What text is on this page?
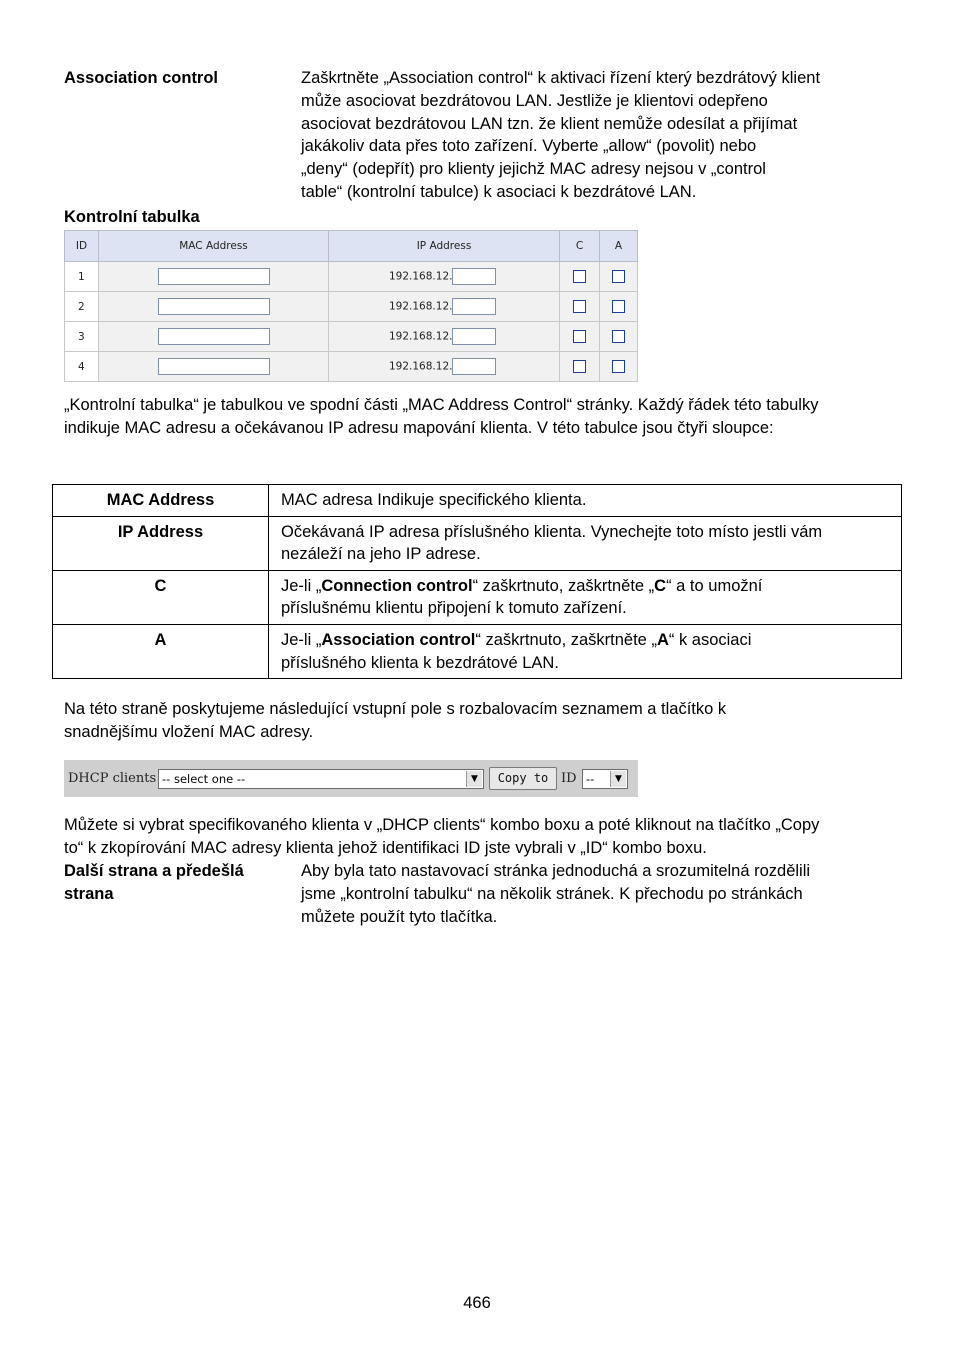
Association control	Zaškrtněte „Association control“ k aktivaci řízení který bezdrátový klient
může asociovat bezdrátovou LAN. Jestliže je klientovi odepřeno
asociovat bezdrátovou LAN tzn. že klient nemůže odesílat a přijímat
jakákoliv data přes toto zařízení. Vyberte „allow“ (povolit) nebo
„deny“ (odepřít) pro klienty jejichž MAC adresy nejsou v „control
table“ (kontrolní tabulce) k asociaci k bezdrátové LAN.
Kontrolní tabulka
ID	MAC Address	IP Address	C	A
1		192.168.12.		
2		192.168.12.		
3		192.168.12.		
4		192.168.12.		
„Kontrolní tabulka“ je tabulkou ve spodní části „MAC Address Control“ stránky. Každý řádek této tabulky
indikuje MAC adresu a očekávanou IP adresu mapování klienta. V této tabulce jsou čtyři sloupce:
MAC Address	MAC adresa Indikuje specifického klienta.

IP Address	Očekávaná IP adresa příslušného klienta. Vynechejte toto místo jestli vám
nezáleží na jeho IP adrese.

C	Je-li „Connection control“ zaškrtnuto, zaškrtněte „C“ a to umožní
příslušnému klientu připojení k tomuto zařízení.

A	Je-li „Association control“ zaškrtnuto, zaškrtněte „A“ k asociaci
příslušného klienta k bezdrátové LAN.
Na této straně poskytujeme následující vstupní pole s rozbalovacím seznamem a tlačítko k
snadnějšímu vložení MAC adresy.
DHCP clients -- select one --	▼	Copy to ID --	▼
Můžete si vybrat specifikovaného klienta v „DHCP clients“ kombo boxu a poté kliknout na tlačítko „Copy
to“ k zkopírování MAC adresy klienta jehož identifikaci ID jste vybrali v „ID“ kombo boxu.
Další strana a předešlá
strana
Aby byla tato nastavovací stránka jednoduchá a srozumitelná rozdělili
jsme „kontrolní tabulku“ na několik stránek. K přechodu po stránkách
můžete použít tyto tlačítka.
466
